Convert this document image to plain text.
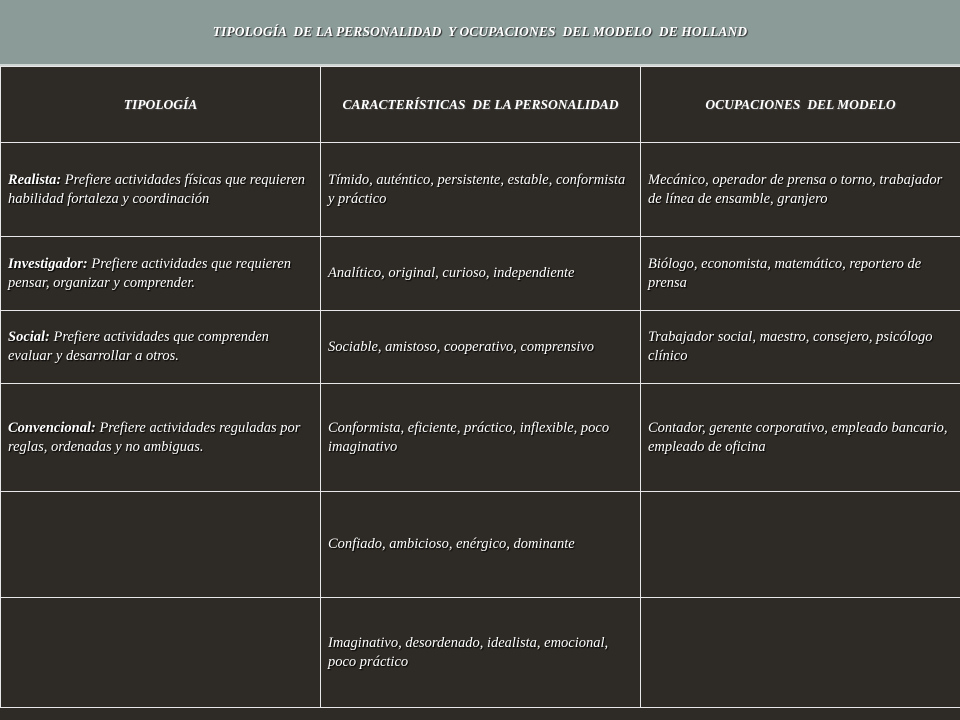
TIPOLOGÍA  DE LA PERSONALIDAD  Y OCUPACIONES  DEL MODELO  DE HOLLAND
TIPOLOGÍA	CARACTERÍSTICAS  DE LA PERSONALIDAD	OCUPACIONES  DEL MODELO
Realista: Prefiere actividades físicas que requieren habilidad fortaleza y coordinación	Tímido, auténtico, persistente, estable, conformista y práctico	Mecánico, operador de prensa o torno, trabajador de línea de ensamble, granjero
Investigador: Prefiere actividades que requieren pensar, organizar y comprender.	Analítico, original, curioso, independiente	Biólogo, economista, matemático, reportero de prensa
Social: Prefiere actividades que comprenden evaluar y desarrollar a otros.	Sociable, amistoso, cooperativo, comprensivo	Trabajador social, maestro, consejero, psicólogo clínico
Convencional: Prefiere actividades reguladas por reglas, ordenadas y no ambiguas.	Conformista, eficiente, práctico, inflexible, poco imaginativo	Contador, gerente corporativo, empleado bancario, empleado de oficina
	Confiado, ambicioso, enérgico, dominante	
	Imaginativo, desordenado, idealista, emocional, poco práctico	
